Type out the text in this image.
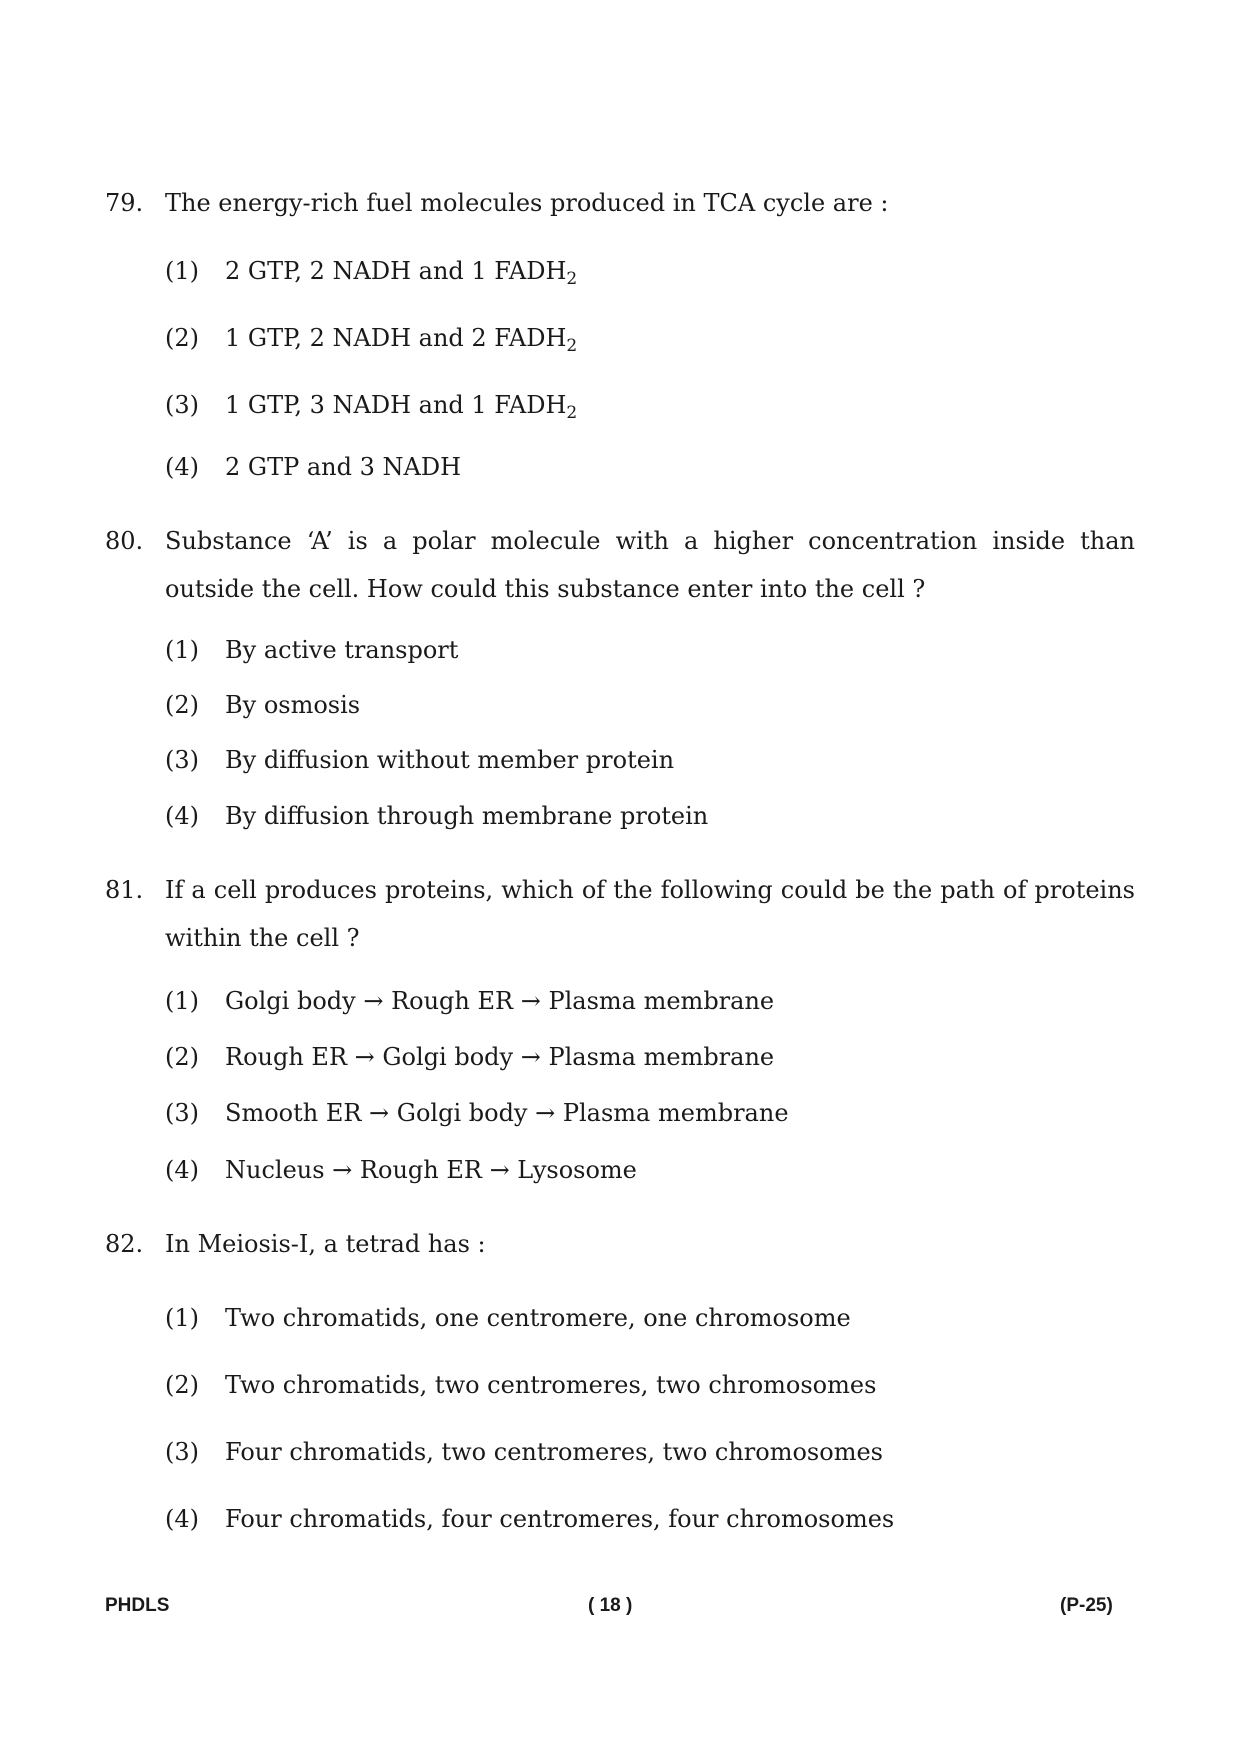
79. The energy-rich fuel molecules produced in TCA cycle are :
(1) 2 GTP, 2 NADH and 1 $FADH_2$
(2) 1 GTP, 2 NADH and 2 $FADH_2$
(3) 1 GTP, 3 NADH and 1 $FADH_2$
(4) 2 GTP and 3 NADH
80. Substance ‘A’ is a polar molecule with a higher concentration inside than outside the cell. How could this substance enter into the cell ?
(1) By active transport
(2) By osmosis
(3) By diffusion without member protein
(4) By diffusion through membrane protein
81. If a cell produces proteins, which of the following could be the path of proteins within the cell ?
(1) Golgi body → Rough ER → Plasma membrane
(2) Rough ER → Golgi body → Plasma membrane
(3) Smooth ER → Golgi body → Plasma membrane
(4) Nucleus → Rough ER → Lysosome
82. In Meiosis-I, a tetrad has :
(1) Two chromatids, one centromere, one chromosome
(2) Two chromatids, two centromeres, two chromosomes
(3) Four chromatids, two centromeres, two chromosomes
(4) Four chromatids, four centromeres, four chromosomes
PHDLS	( 18 )	(P-25)
